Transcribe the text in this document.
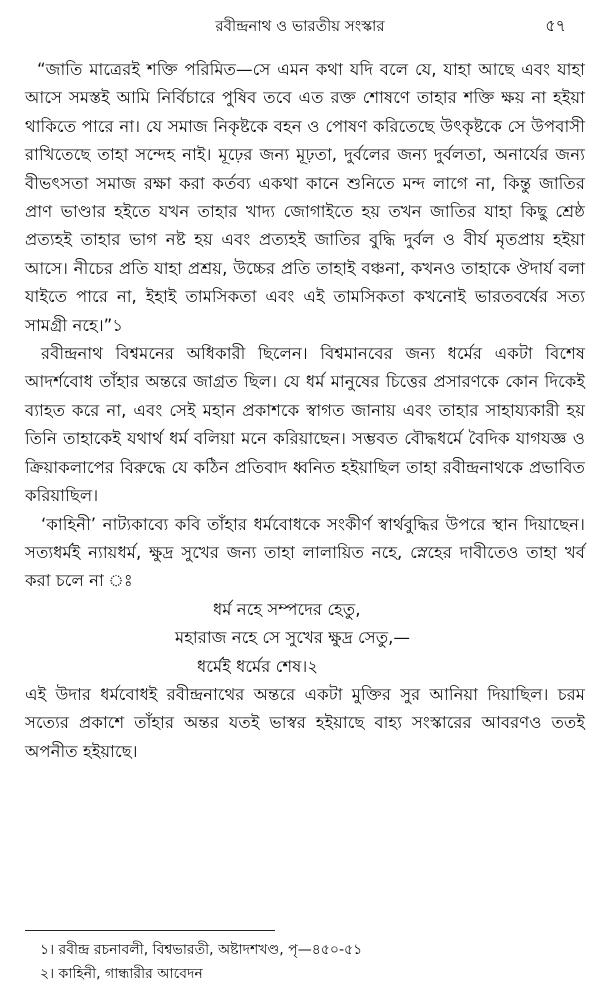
রবীন্দ্রনাথ ও ভারতীয় সংস্কার	৫৭

“জাতি মাত্রেরই শক্তি পরিমিত—সে এমন কথা যদি বলে যে, যাহা আছে এবং যাহা আসে সমস্তই আমি নির্বিচারে পুষিব তবে এত রক্ত শোষণে তাহার শক্তি ক্ষয় না হইয়া থাকিতে পারে না। যে সমাজ নিকৃষ্টকে বহন ও পোষণ করিতেছে উৎকৃষ্টকে সে উপবাসী রাখিতেছে তাহা সন্দেহ নাই। মূঢ়ের জন্য মূঢ়তা, দুর্বলের জন্য দুর্বলতা, অনার্যের জন্য বীভৎসতা সমাজ রক্ষা করা কর্তব্য একথা কানে শুনিতে মন্দ লাগে না, কিন্তু জাতির প্রাণ ভাণ্ডার হইতে যখন তাহার খাদ্য জোগাইতে হয় তখন জাতির যাহা কিছু শ্রেষ্ঠ প্রত্যহই তাহার ভাগ নষ্ট হয় এবং প্রত্যহই জাতির বুদ্ধি দুর্বল ও বীর্য মৃতপ্রায় হইয়া আসে। নীচের প্রতি যাহা প্রশ্রয়, উচ্চের প্রতি তাহাই বঞ্চনা, কখনও তাহাকে ঔদার্য বলা যাইতে পারে না, ইহাই তামসিকতা এবং এই তামসিকতা কখনোই ভারতবর্ষের সত্য সামগ্রী নহে।”১

রবীন্দ্রনাথ বিশ্বমনের অধিকারী ছিলেন। বিশ্বমানবের জন্য ধর্মের একটা বিশেষ আদর্শবোধ তাঁহার অন্তরে জাগ্রত ছিল। যে ধর্ম মানুষের চিত্তের প্রসারণকে কোন দিকেই ব্যাহত করে না, এবং সেই মহান প্রকাশকে স্বাগত জানায় এবং তাহার সাহায্যকারী হয় তিনি তাহাকেই যথার্থ ধর্ম বলিয়া মনে করিয়াছেন। সম্ভবত বৌদ্ধধর্মে বৈদিক যাগযজ্ঞ ও ক্রিয়াকলাপের বিরুদ্ধে যে কঠিন প্রতিবাদ ধ্বনিত হইয়াছিল তাহা রবীন্দ্রনাথকে প্রভাবিত করিয়াছিল।

‘কাহিনী’ নাট্যকাব্যে কবি তাঁহার ধর্মবোধকে সংকীর্ণ স্বার্থবুদ্ধির উপরে স্থান দিয়াছেন। সত্যধর্মই ন্যায়ধর্ম, ক্ষুদ্র সুখের জন্য তাহা লালায়িত নহে, স্নেহের দাবীতেও তাহা খর্ব করা চলে না ঃ

ধর্ম নহে সম্পদের হেতু,
মহারাজ নহে সে সুখের ক্ষুদ্র সেতু,—
ধর্মেই ধর্মের শেষ।২

এই উদার ধর্মবোধই রবীন্দ্রনাথের অন্তরে একটা মুক্তির সুর আনিয়া দিয়াছিল। চরম সত্যের প্রকাশে তাঁহার অন্তর যতই ভাস্বর হইয়াছে বাহ্য সংস্কারের আবরণও ততই অপনীত হইয়াছে।

১। রবীন্দ্র রচনাবলী, বিশ্বভারতী, অষ্টাদশখণ্ড, পৃ—৪৫০-৫১
২। কাহিনী, গান্ধারীর আবেদন
